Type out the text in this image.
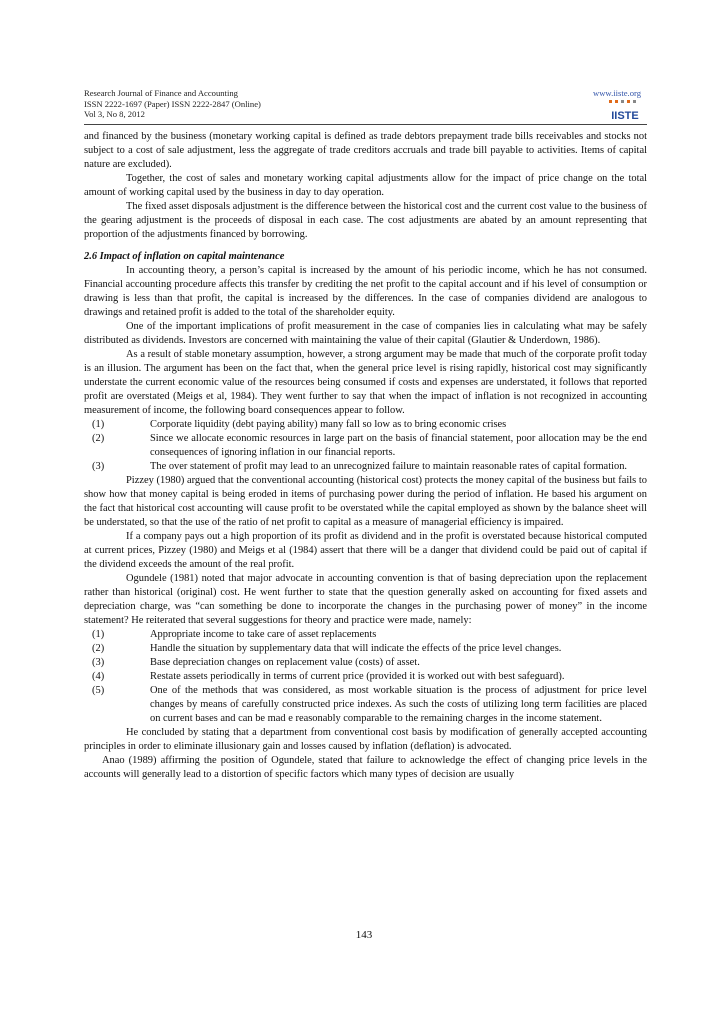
Research Journal of Finance and Accounting
ISSN 2222-1697 (Paper) ISSN 2222-2847 (Online)
Vol 3, No 8, 2012
www.iiste.org
IISTE

and financed by the business (monetary working capital is defined as trade debtors prepayment trade bills receivables and stocks not subject to a cost of sale adjustment, less the aggregate of trade creditors accruals and trade bill payable to activities. Items of capital nature are excluded).

Together, the cost of sales and monetary working capital adjustments allow for the impact of price change on the total amount of working capital used by the business in day to day operation.

The fixed asset disposals adjustment is the difference between the historical cost and the current cost value to the business of the gearing adjustment is the proceeds of disposal in each case. The cost adjustments are abated by an amount representing that proportion of the adjustments financed by borrowing.

2.6 Impact of inflation on capital maintenance

In accounting theory, a person’s capital is increased by the amount of his periodic income, which he has not consumed. Financial accounting procedure affects this transfer by crediting the net profit to the capital account and if his level of consumption or drawing is less than that profit, the capital is increased by the differences. In the case of companies dividend are analogous to drawings and retained profit is added to the total of the shareholder equity.

One of the important implications of profit measurement in the case of companies lies in calculating what may be safely distributed as dividends. Investors are concerned with maintaining the value of their capital (Glautier & Underdown, 1986).

As a result of stable monetary assumption, however, a strong argument may be made that much of the corporate profit today is an illusion. The argument has been on the fact that, when the general price level is rising rapidly, historical cost may significantly understate the current economic value of the resources being consumed if costs and expenses are understated, it follows that reported profit are overstated (Meigs et al, 1984). They went further to say that when the impact of inflation is not recognized in accounting measurement of income, the following board consequences appear to follow.

(1)	Corporate liquidity (debt paying ability) many fall so low as to bring economic crises
(2)	Since we allocate economic resources in large part on the basis of financial statement, poor allocation may be the end consequences of ignoring inflation in our financial reports.
(3)	The over statement of profit may lead to an unrecognized failure to maintain reasonable rates of capital formation.

Pizzey (1980) argued that the conventional accounting (historical cost) protects the money capital of the business but fails to show how that money capital is being eroded in items of purchasing power during the period of inflation. He based his argument on the fact that historical cost accounting will cause profit to be overstated while the capital employed as shown by the balance sheet will be understated, so that the use of the ratio of net profit to capital as a measure of managerial efficiency is impaired.

If a company pays out a high proportion of its profit as dividend and in the profit is overstated because historical computed at current prices, Pizzey (1980) and Meigs et al (1984) assert that there will be a danger that dividend could be paid out of capital if the dividend exceeds the amount of the real profit.

Ogundele (1981) noted that major advocate in accounting convention is that of basing depreciation upon the replacement rather than historical (original) cost. He went further to state that the question generally asked on accounting for fixed assets and depreciation charge, was “can something be done to incorporate the changes in the purchasing power of money” in the income statement? He reiterated that several suggestions for theory and practice were made, namely:

(1)	Appropriate income to take care of asset replacements
(2)	Handle the situation by supplementary data that will indicate the effects of the price level changes.
(3)	Base depreciation changes on replacement value (costs) of asset.
(4)	Restate assets periodically in terms of current price (provided it is worked out with best safeguard).
(5)	One of the methods that was considered, as most workable situation is the process of adjustment for price level changes by means of carefully constructed price indexes. As such the costs of utilizing long term facilities are placed on current bases and can be mad e reasonably comparable to the remaining charges in the income statement.

He concluded by stating that a department from conventional cost basis by modification of generally accepted accounting principles in order to eliminate illusionary gain and losses caused by inflation (deflation) is advocated.

Anao (1989) affirming the position of Ogundele, stated that failure to acknowledge the effect of changing price levels in the accounts will generally lead to a distortion of specific factors which many types of decision are usually

143
